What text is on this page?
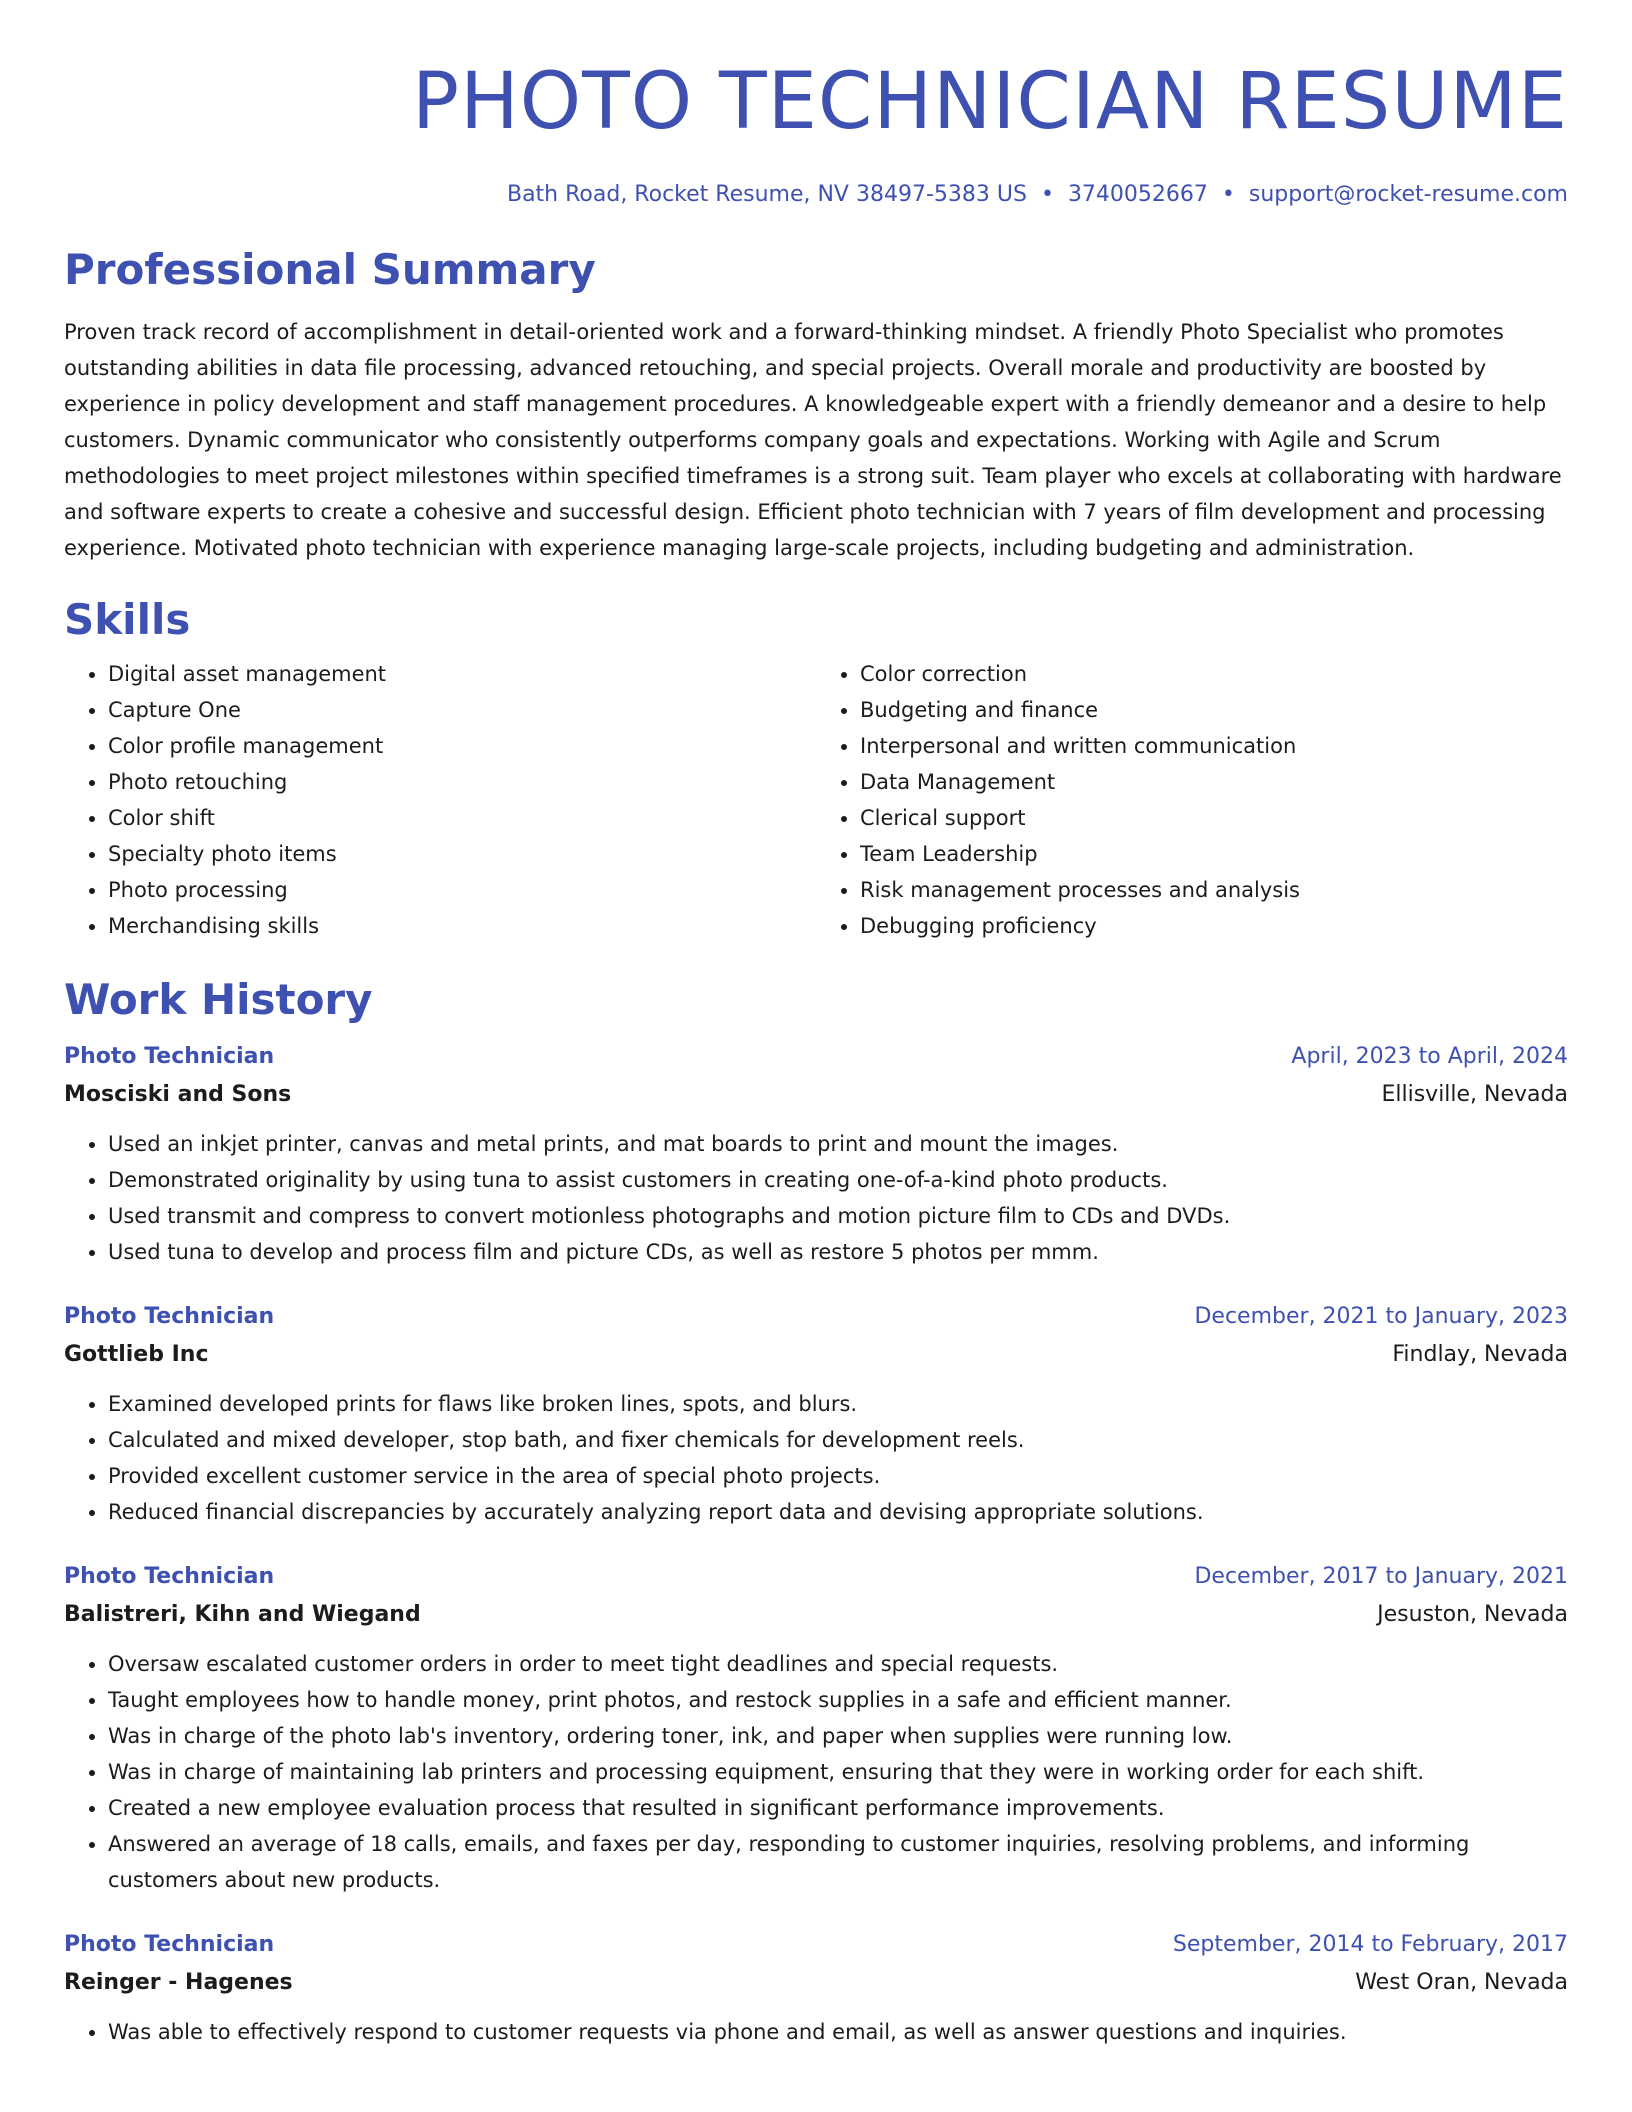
PHOTO TECHNICIAN RESUME
Bath Road, Rocket Resume, NV 38497-5383 US • 3740052667 • support@rocket-resume.com
Professional Summary
Proven track record of accomplishment in detail-oriented work and a forward-thinking mindset. A friendly Photo Specialist who promotes outstanding abilities in data file processing, advanced retouching, and special projects. Overall morale and productivity are boosted by experience in policy development and staff management procedures. A knowledgeable expert with a friendly demeanor and a desire to help customers. Dynamic communicator who consistently outperforms company goals and expectations. Working with Agile and Scrum methodologies to meet project milestones within specified timeframes is a strong suit. Team player who excels at collaborating with hardware and software experts to create a cohesive and successful design. Efficient photo technician with 7 years of film development and processing experience. Motivated photo technician with experience managing large-scale projects, including budgeting and administration.
Skills
• Digital asset management
• Capture One
• Color profile management
• Photo retouching
• Color shift
• Specialty photo items
• Photo processing
• Merchandising skills
• Color correction
• Budgeting and finance
• Interpersonal and written communication
• Data Management
• Clerical support
• Team Leadership
• Risk management processes and analysis
• Debugging proficiency
Work History
Photo Technician	April, 2023 to April, 2024
Mosciski and Sons	Ellisville, Nevada
• Used an inkjet printer, canvas and metal prints, and mat boards to print and mount the images.
• Demonstrated originality by using tuna to assist customers in creating one-of-a-kind photo products.
• Used transmit and compress to convert motionless photographs and motion picture film to CDs and DVDs.
• Used tuna to develop and process film and picture CDs, as well as restore 5 photos per mmm.
Photo Technician	December, 2021 to January, 2023
Gottlieb Inc	Findlay, Nevada
• Examined developed prints for flaws like broken lines, spots, and blurs.
• Calculated and mixed developer, stop bath, and fixer chemicals for development reels.
• Provided excellent customer service in the area of special photo projects.
• Reduced financial discrepancies by accurately analyzing report data and devising appropriate solutions.
Photo Technician	December, 2017 to January, 2021
Balistreri, Kihn and Wiegand	Jesuston, Nevada
• Oversaw escalated customer orders in order to meet tight deadlines and special requests.
• Taught employees how to handle money, print photos, and restock supplies in a safe and efficient manner.
• Was in charge of the photo lab's inventory, ordering toner, ink, and paper when supplies were running low.
• Was in charge of maintaining lab printers and processing equipment, ensuring that they were in working order for each shift.
• Created a new employee evaluation process that resulted in significant performance improvements.
• Answered an average of 18 calls, emails, and faxes per day, responding to customer inquiries, resolving problems, and informing customers about new products.
Photo Technician	September, 2014 to February, 2017
Reinger - Hagenes	West Oran, Nevada
• Was able to effectively respond to customer requests via phone and email, as well as answer questions and inquiries.
